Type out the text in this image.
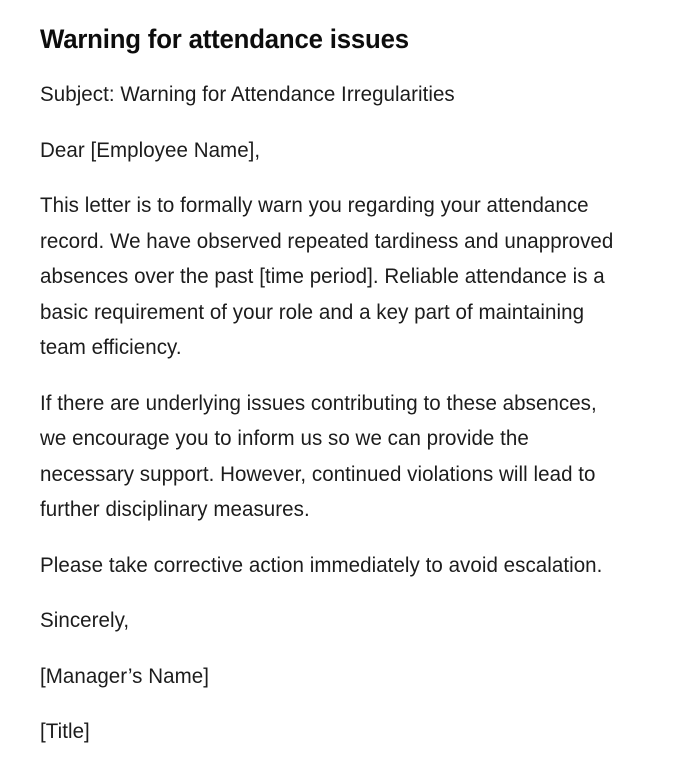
Warning for attendance issues

Subject: Warning for Attendance Irregularities

Dear [Employee Name],

This letter is to formally warn you regarding your attendance record. We have observed repeated tardiness and unapproved absences over the past [time period]. Reliable attendance is a basic requirement of your role and a key part of maintaining team efficiency.

If there are underlying issues contributing to these absences, we encourage you to inform us so we can provide the necessary support. However, continued violations will lead to further disciplinary measures.

Please take corrective action immediately to avoid escalation.

Sincerely,

[Manager’s Name]

[Title]
